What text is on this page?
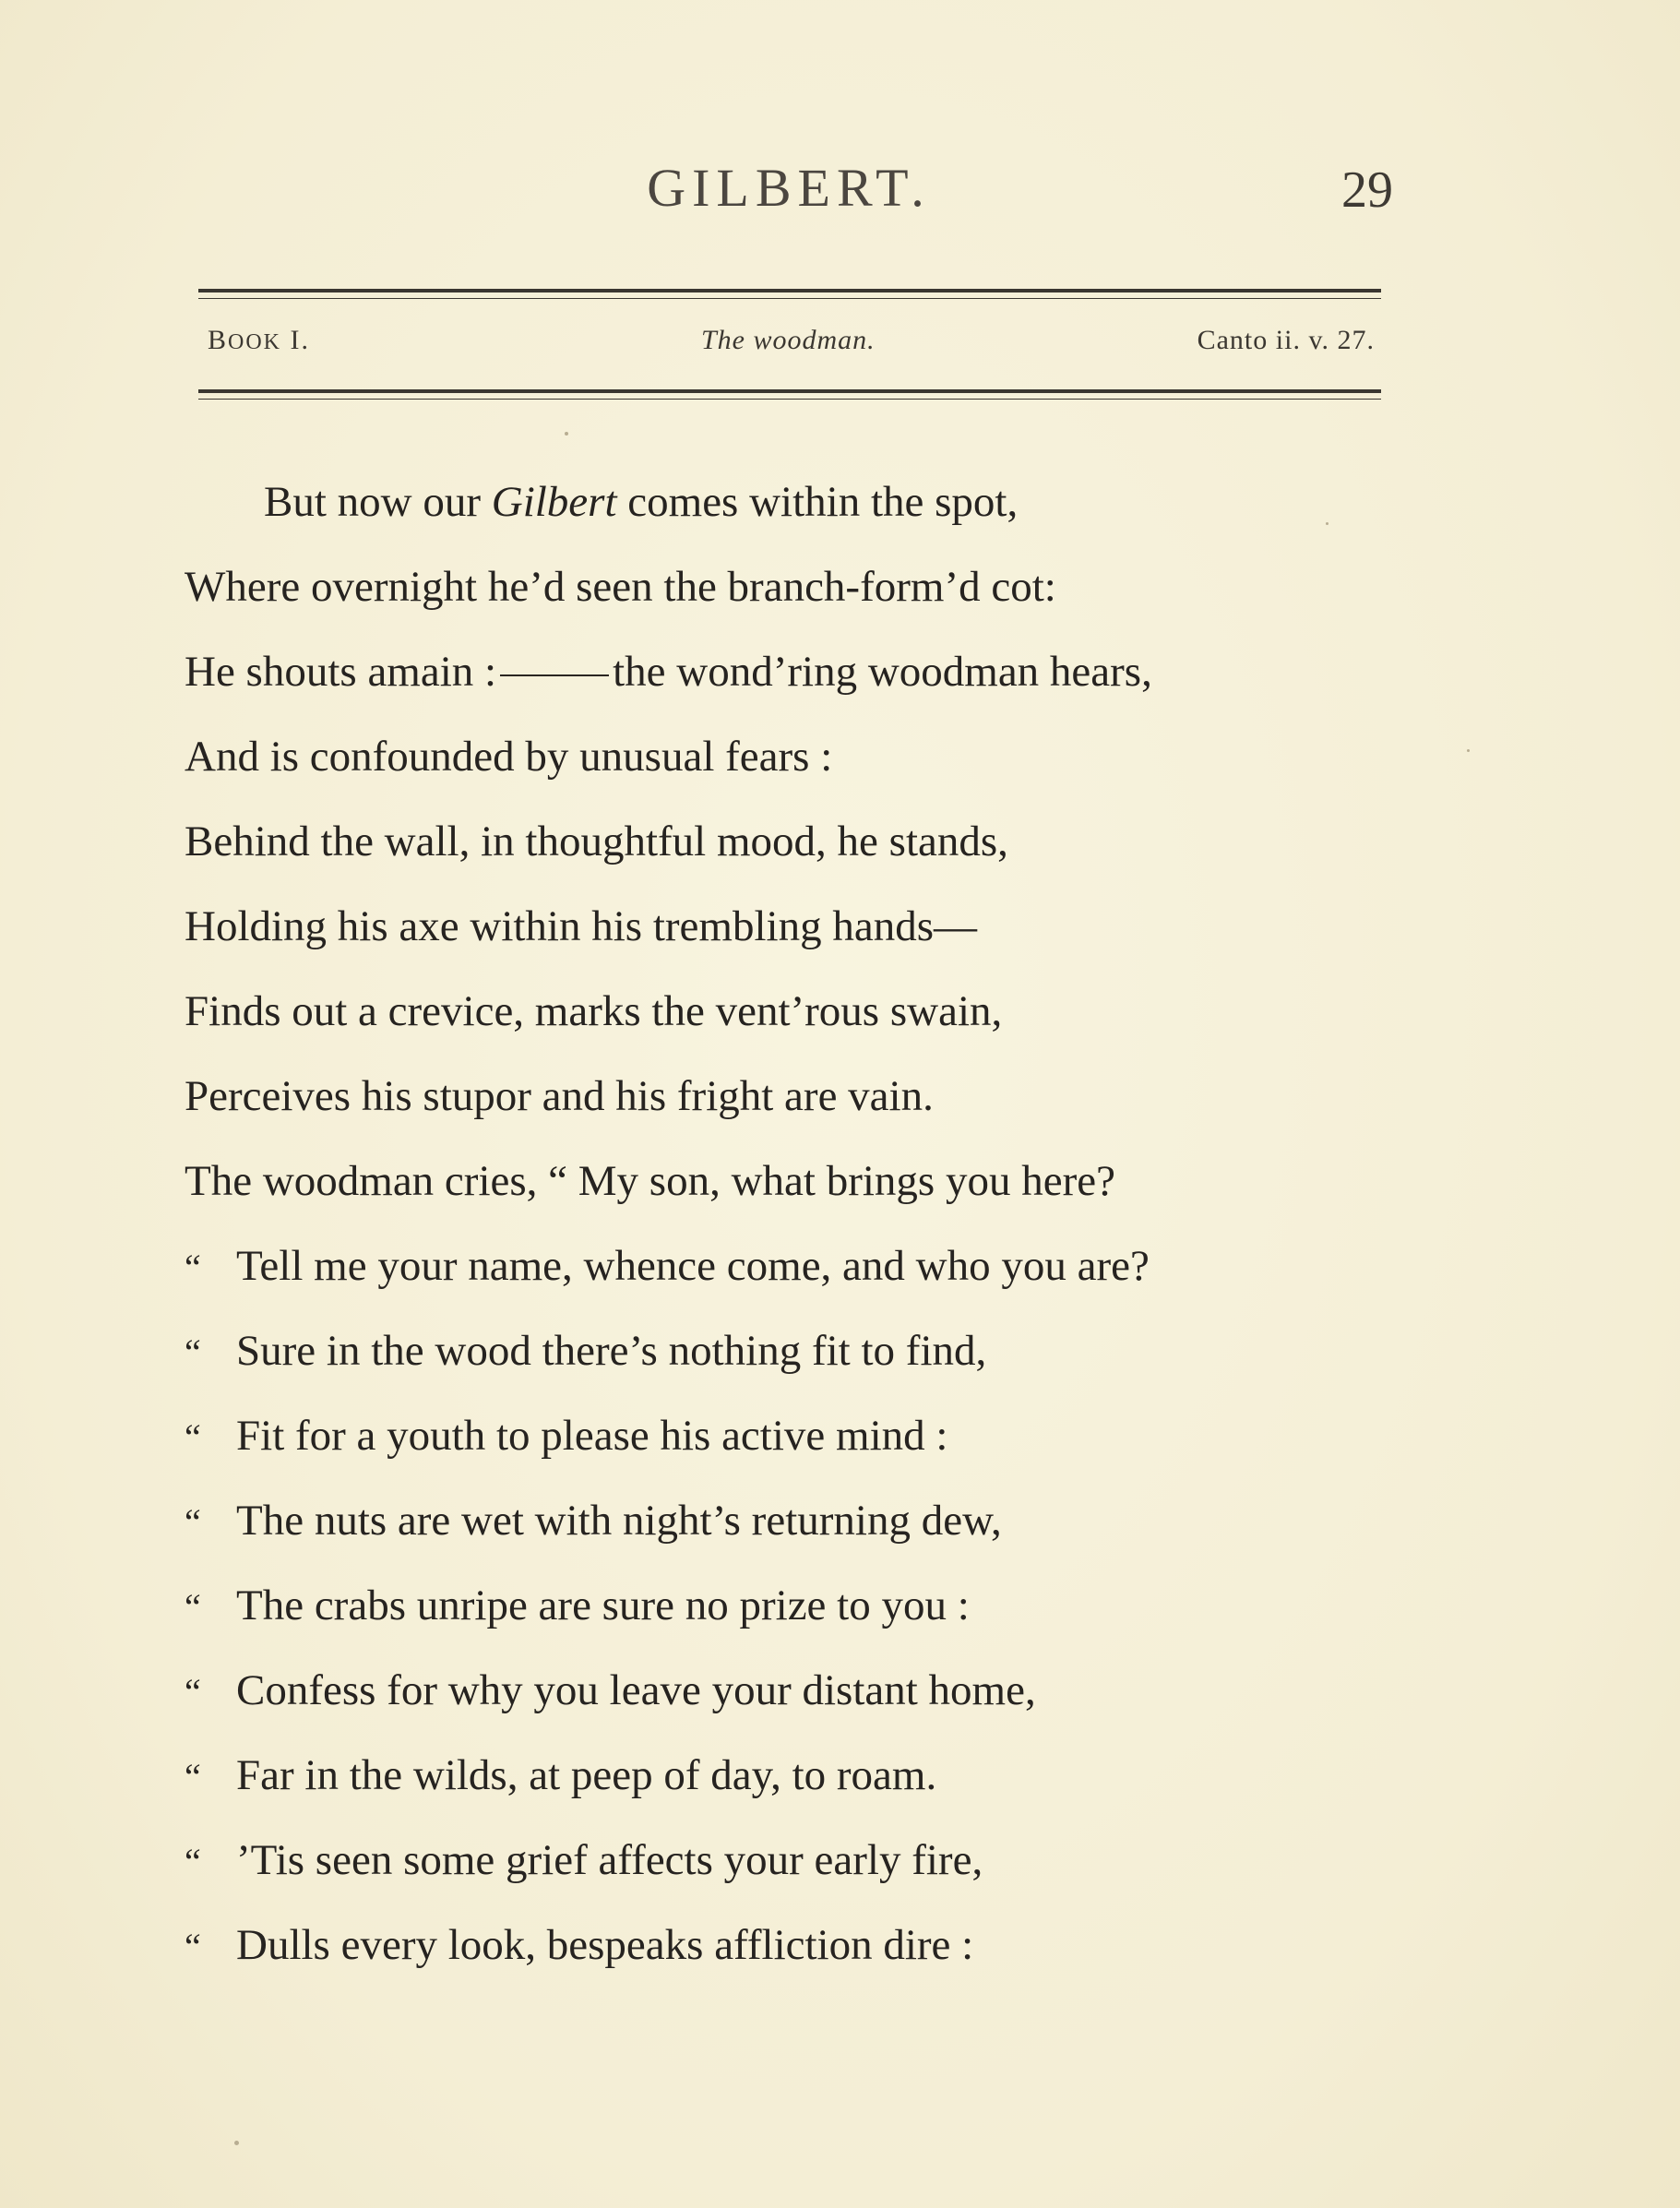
GILBERT.	29
BOOK I.	The woodman.	Canto ii. v. 27.
But now our Gilbert comes within the spot,
Where overnight he’d seen the branch-form’d cot:
He shouts amain :	the wond’ring woodman hears,
And is confounded by unusual fears :
Behind the wall, in thoughtful mood, he stands,
Holding his axe within his trembling hands—
Finds out a crevice, marks the vent’rous swain,
Perceives his stupor and his fright are vain.
The woodman cries, “ My son, what brings you here?
“ Tell me your name, whence come, and who you are?
“ Sure in the wood there’s nothing fit to find,
“ Fit for a youth to please his active mind :
“ The nuts are wet with night’s returning dew,
“ The crabs unripe are sure no prize to you :
“ Confess for why you leave your distant home,
“ Far in the wilds, at peep of day, to roam.
“ ’Tis seen some grief affects your early fire,
“ Dulls every look, bespeaks affliction dire :
